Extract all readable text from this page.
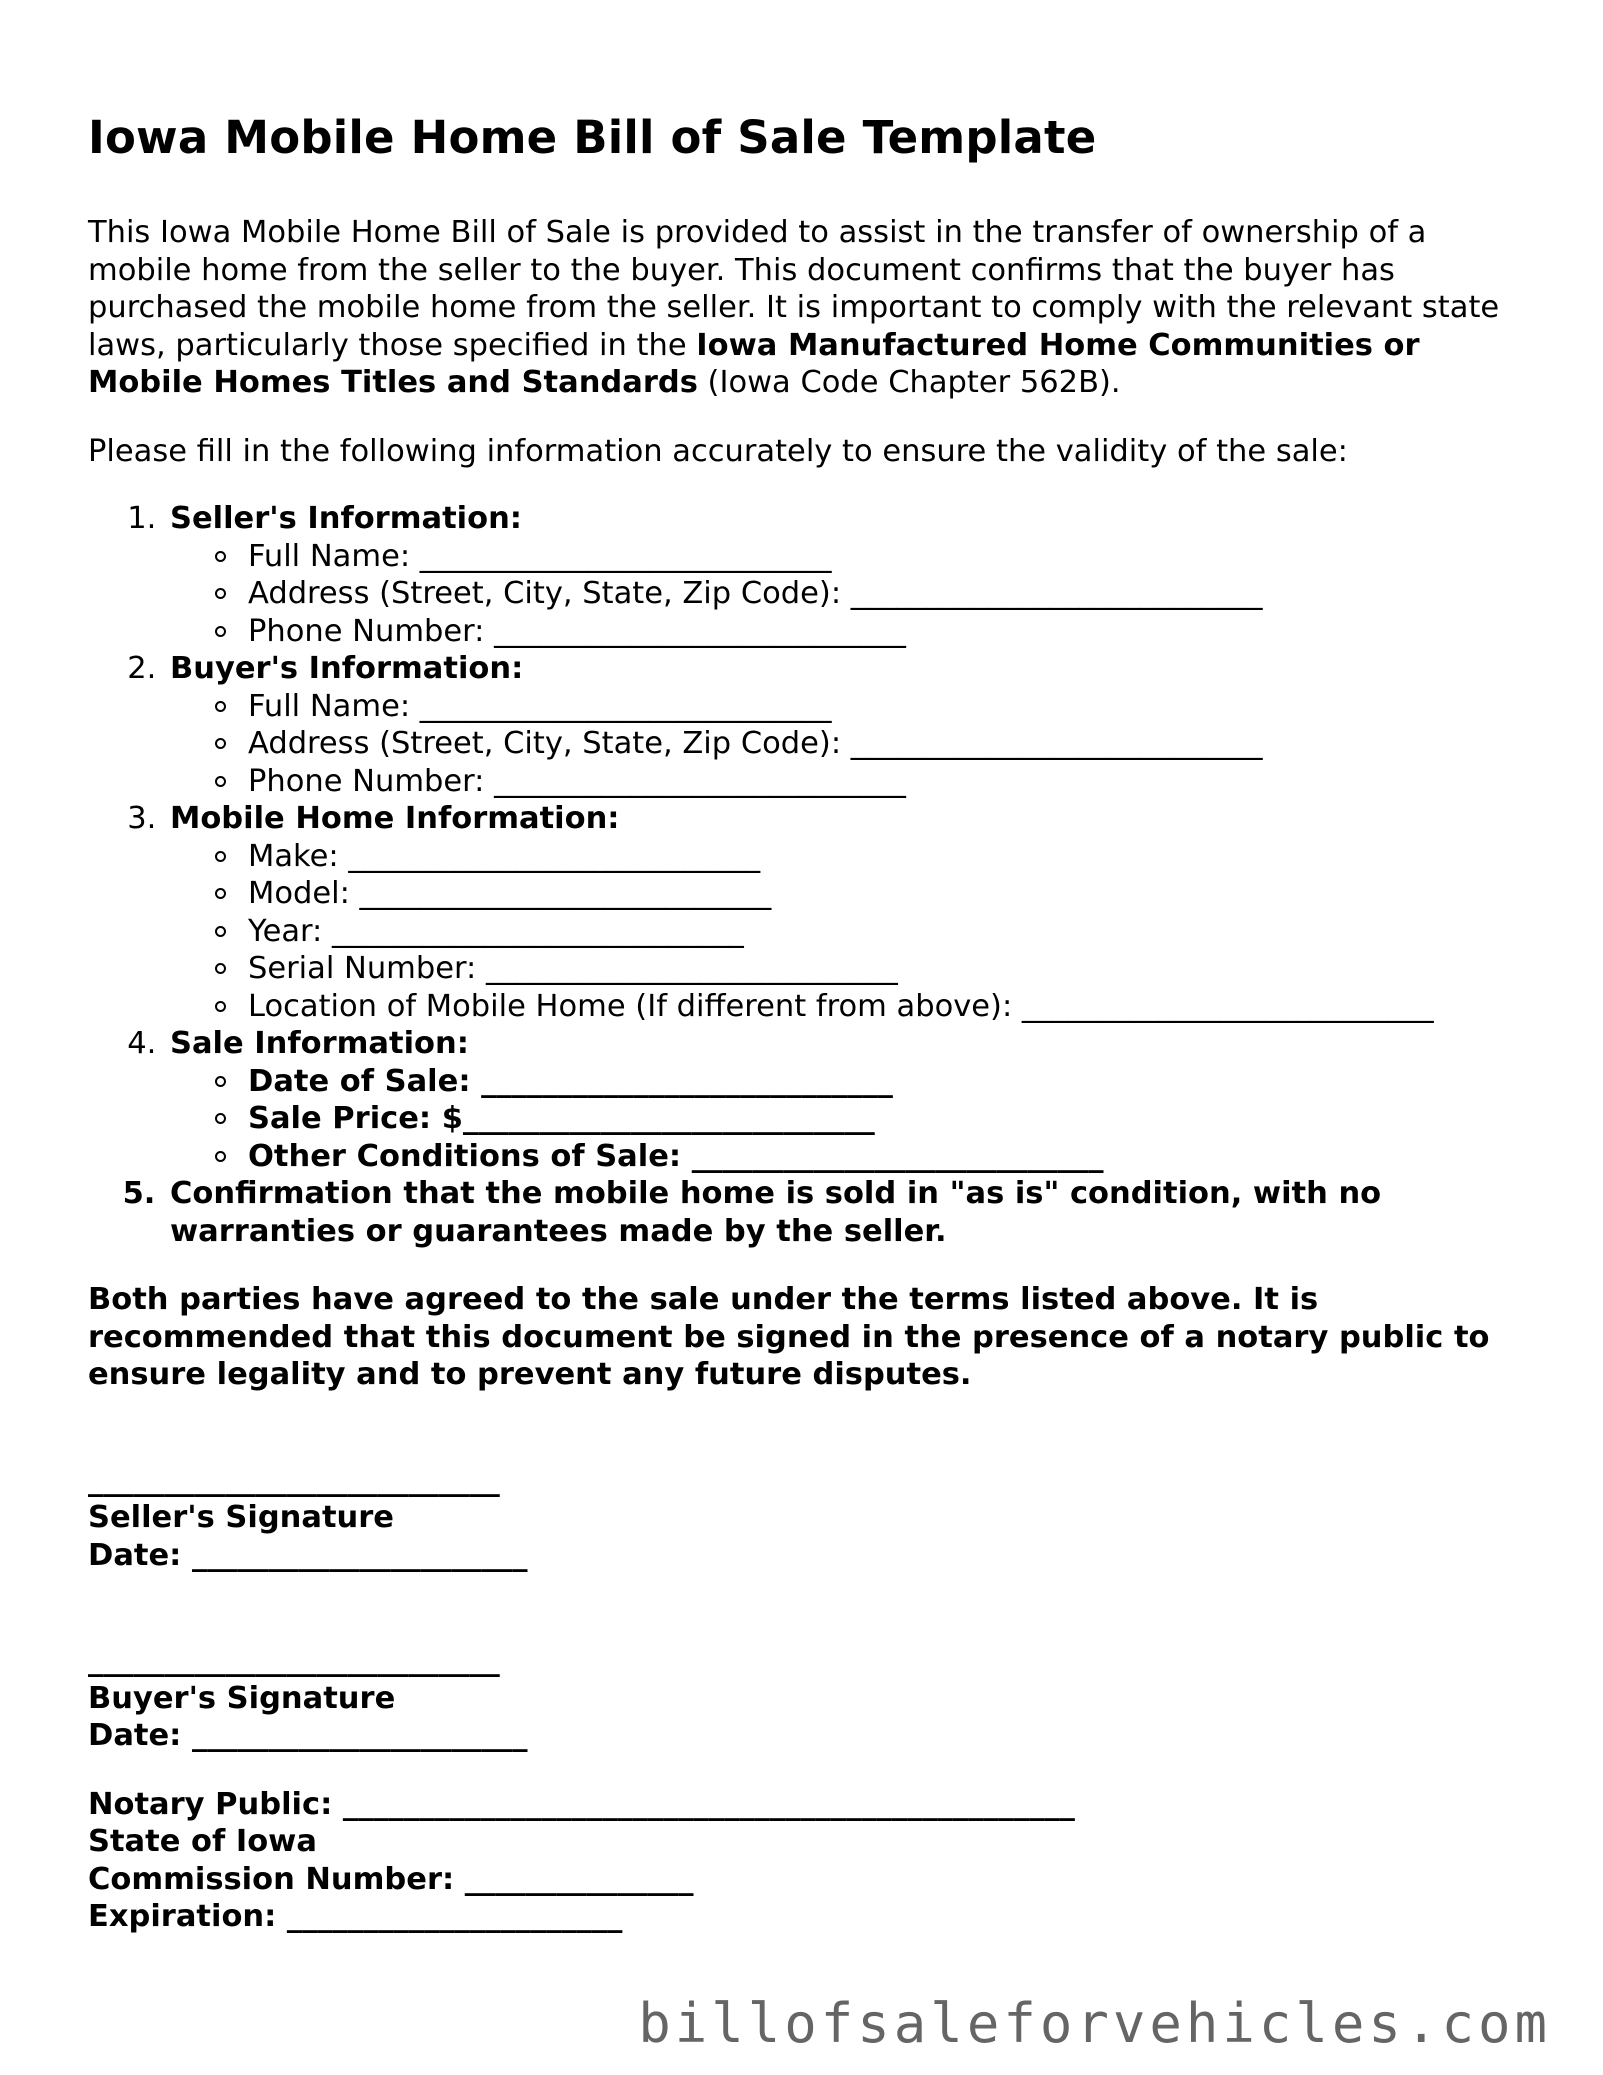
Iowa Mobile Home Bill of Sale Template

This Iowa Mobile Home Bill of Sale is provided to assist in the transfer of ownership of a mobile home from the seller to the buyer. This document confirms that the buyer has purchased the mobile home from the seller. It is important to comply with the relevant state laws, particularly those specified in the Iowa Manufactured Home Communities or Mobile Homes Titles and Standards (Iowa Code Chapter 562B).

Please fill in the following information accurately to ensure the validity of the sale:

1. Seller's Information:
Full Name: ___________________________
Address (Street, City, State, Zip Code): ___________________________
Phone Number: ___________________________
2. Buyer's Information:
Full Name: ___________________________
Address (Street, City, State, Zip Code): ___________________________
Phone Number: ___________________________
3. Mobile Home Information:
Make: ___________________________
Model: ___________________________
Year: ___________________________
Serial Number: ___________________________
Location of Mobile Home (If different from above): ___________________________
4. Sale Information:
Date of Sale: ___________________________
Sale Price: $___________________________
Other Conditions of Sale: ___________________________
5. Confirmation that the mobile home is sold in "as is" condition, with no warranties or guarantees made by the seller.

Both parties have agreed to the sale under the terms listed above. It is recommended that this document be signed in the presence of a notary public to ensure legality and to prevent any future disputes.

___________________________
Seller's Signature
Date: ______________________
___________________________
Buyer's Signature
Date: ______________________
Notary Public: ________________________________________________
State of Iowa
Commission Number: _______________
Expiration: ______________________
billofsaleforvehicles.com
